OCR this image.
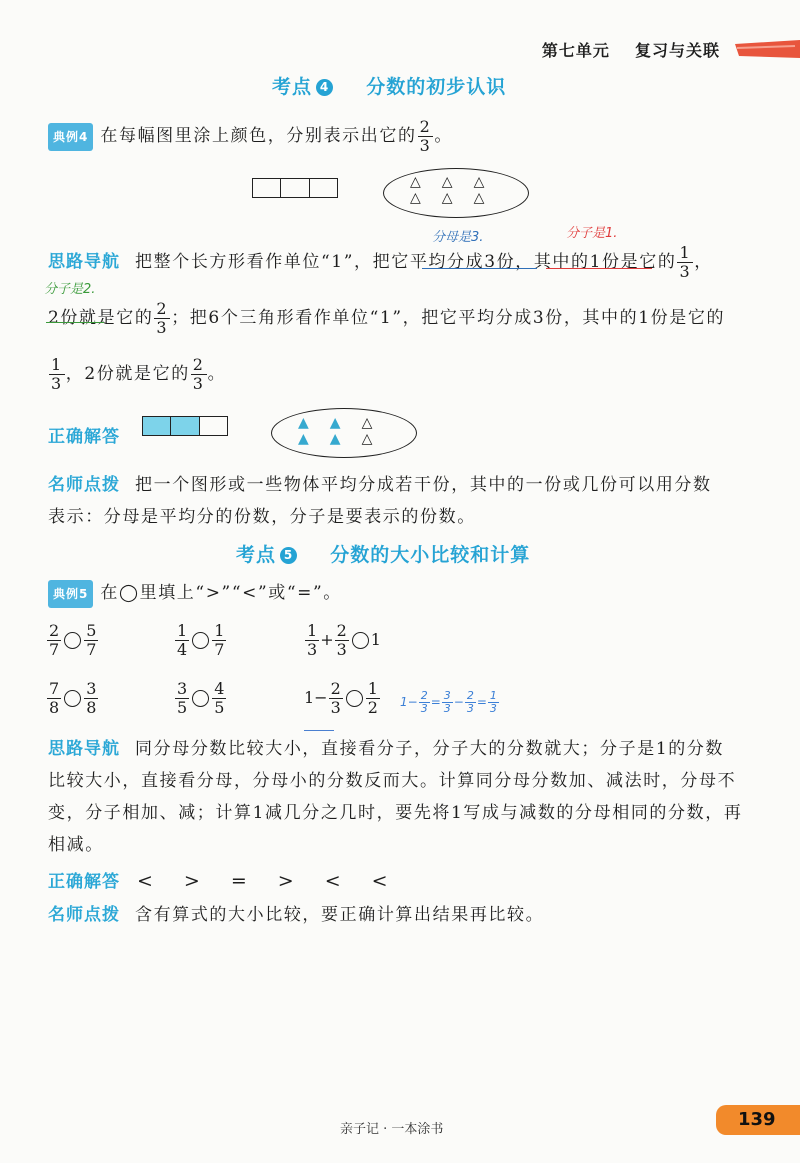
第七单元 复习与关联
考点 4 分数的初步认识
典例4 在每幅图里涂上颜色，分别表示出它的 $\frac{2}{3}$ 。
△△△
△△△
分母是3.	分子是1.
分子是2.
思路导航 把整个长方形看作单位“1”，把它平均分成3份，其中的1份是它的 $\frac{1}{3}$ ，
2份就是它的 $\frac{2}{3}$ ；把6个三角形看作单位“1”，把它平均分成3份，其中的1份是它的
$\frac{1}{3}$ ，2份就是它的 $\frac{2}{3}$ 。
正确解答
▲▲△
▲▲△
名师点拨 把一个图形或一些物体平均分成若干份，其中的一份或几份可以用分数
表示：分母是平均分的份数，分子是要表示的份数。
考点 5 分数的大小比较和计算
典例5 在◯里填上“>”“<”或“=”。
$\frac{2}{7} \frac{5}{7}$	$\frac{1}{4} \frac{1}{7}$	$\frac{1}{3} + \frac{2}{3} 1$
$\frac{7}{8} \frac{3}{8}$	$\frac{3}{5} \frac{4}{5}$	$1- \frac{2}{3} \frac{1}{2} 1- \frac{2}{3} = \frac{3}{3} - \frac{2}{3} = \frac{1}{3}$
思路导航 同分母分数比较大小，直接看分子，分子大的分数就大；分子是1的分数
比较大小，直接看分母，分母小的分数反而大。计算同分母分数加、减法时，分母不
变，分子相加、减；计算1减几分之几时，要先将1写成与减数的分母相同的分数，再
相减。
正确解答 <　>　=　>　<　<
名师点拨 含有算式的大小比较，要正确计算出结果再比较。
亲子记 · 一本涂书	139
